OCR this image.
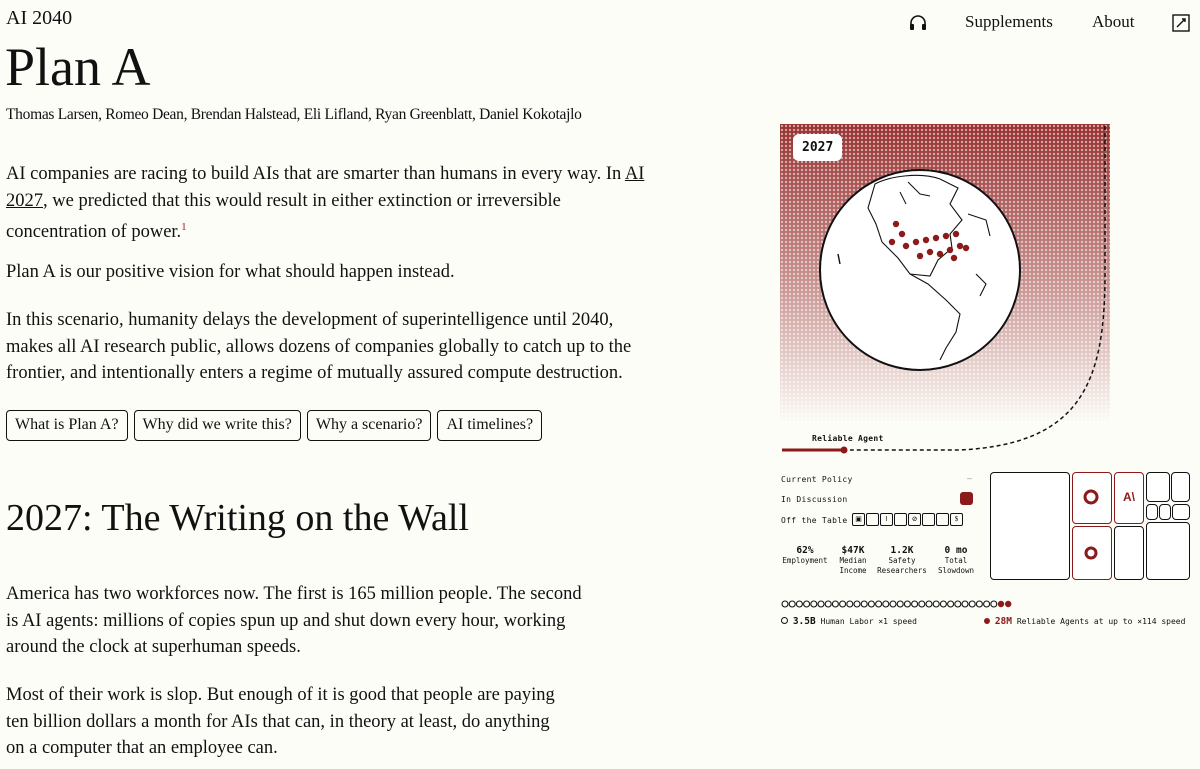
AI 2040	Supplements About
Plan A
Thomas Larsen, Romeo Dean, Brendan Halstead, Eli Lifland, Ryan Greenblatt, Daniel Kokotajlo
AI companies are racing to build AIs that are smarter than humans in every way. In AI 2027, we predicted that this would result in either extinction or irreversible concentration of power.$^1$
Plan A is our positive vision for what should happen instead.
In this scenario, humanity delays the development of superintelligence until 2040, makes all AI research public, allows dozens of companies globally to catch up to the frontier, and intentionally enters a regime of mutually assured compute destruction.
What is Plan A?	Why did we write this?	Why a scenario?	AI timelines?
2027: The Writing on the Wall
America has two workforces now. The first is 165 million people. The second is AI agents: millions of copies spun up and shut down every hour, working around the clock at superhuman speeds.
Most of their work is slop. But enough of it is good that people are paying ten billion dollars a month for AIs that can, in theory at least, do anything on a computer that an employee can.
2027
Reliable Agent
Current Policy	—
In Discussion
Off the Table	▣	‖	⊘	$
62%
Employment
$47K
Median Income
1.2K
Safety Researchers
0 mo
Total Slowdown
A\
3.5B Human Labor ×1 speed	28M Reliable Agents at up to ×114 speed
